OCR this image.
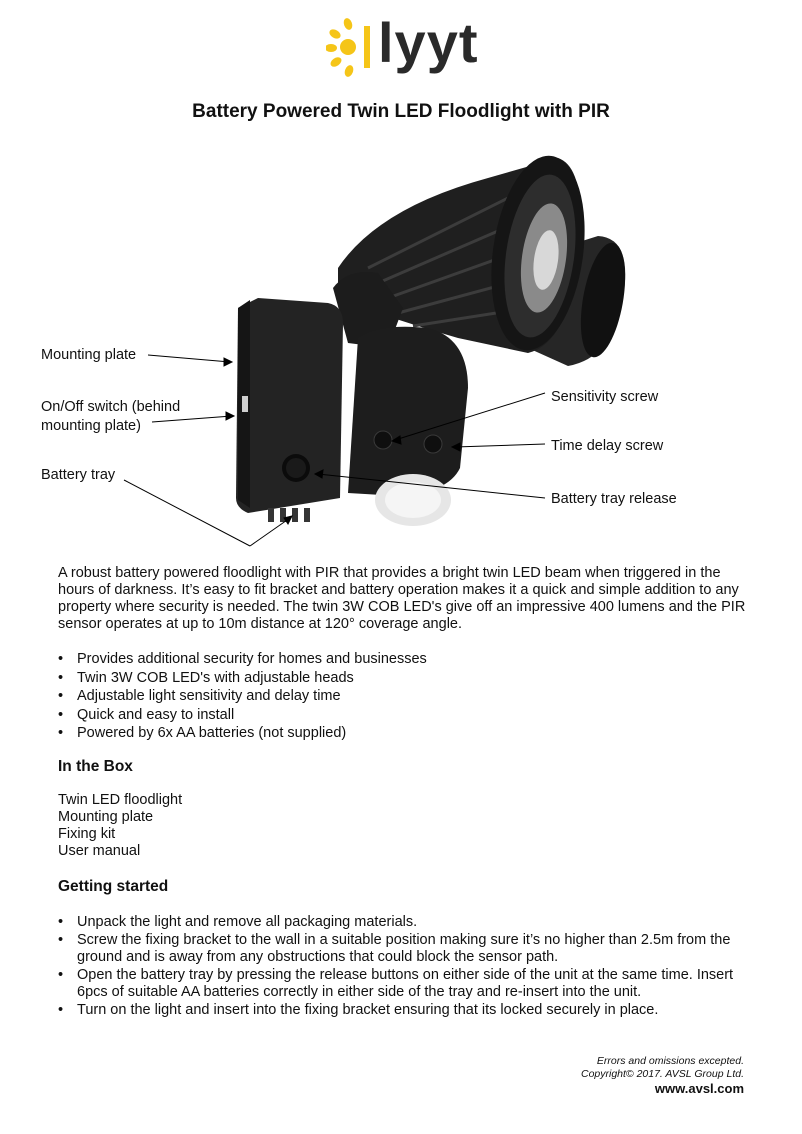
lyyt
Battery Powered Twin LED Floodlight with PIR
Mounting plate
On/Off switch (behind
mounting plate)
Battery tray
Sensitivity screw
Time delay screw
Battery tray release
A robust battery powered floodlight with PIR that provides a bright twin LED beam when triggered in the hours of darkness. It’s easy to fit bracket and battery operation makes it a quick and simple addition to any property where security is needed. The twin 3W COB LED's give off an impressive 400 lumens and the PIR sensor operates at up to 10m distance at 120° coverage angle.
• Provides additional security for homes and businesses
• Twin 3W COB LED's with adjustable heads
• Adjustable light sensitivity and delay time
• Quick and easy to install
• Powered by 6x AA batteries (not supplied)
In the Box
Twin LED floodlight
Mounting plate
Fixing kit
User manual
Getting started
• Unpack the light and remove all packaging materials.
• Screw the fixing bracket to the wall in a suitable position making sure it’s no higher than 2.5m from the ground and is away from any obstructions that could block the sensor path.
• Open the battery tray by pressing the release buttons on either side of the unit at the same time. Insert 6pcs of suitable AA batteries correctly in either side of the tray and re-insert into the unit.
• Turn on the light and insert into the fixing bracket ensuring that its locked securely in place.
Errors and omissions excepted.
Copyright© 2017. AVSL Group Ltd.
www.avsl.com
